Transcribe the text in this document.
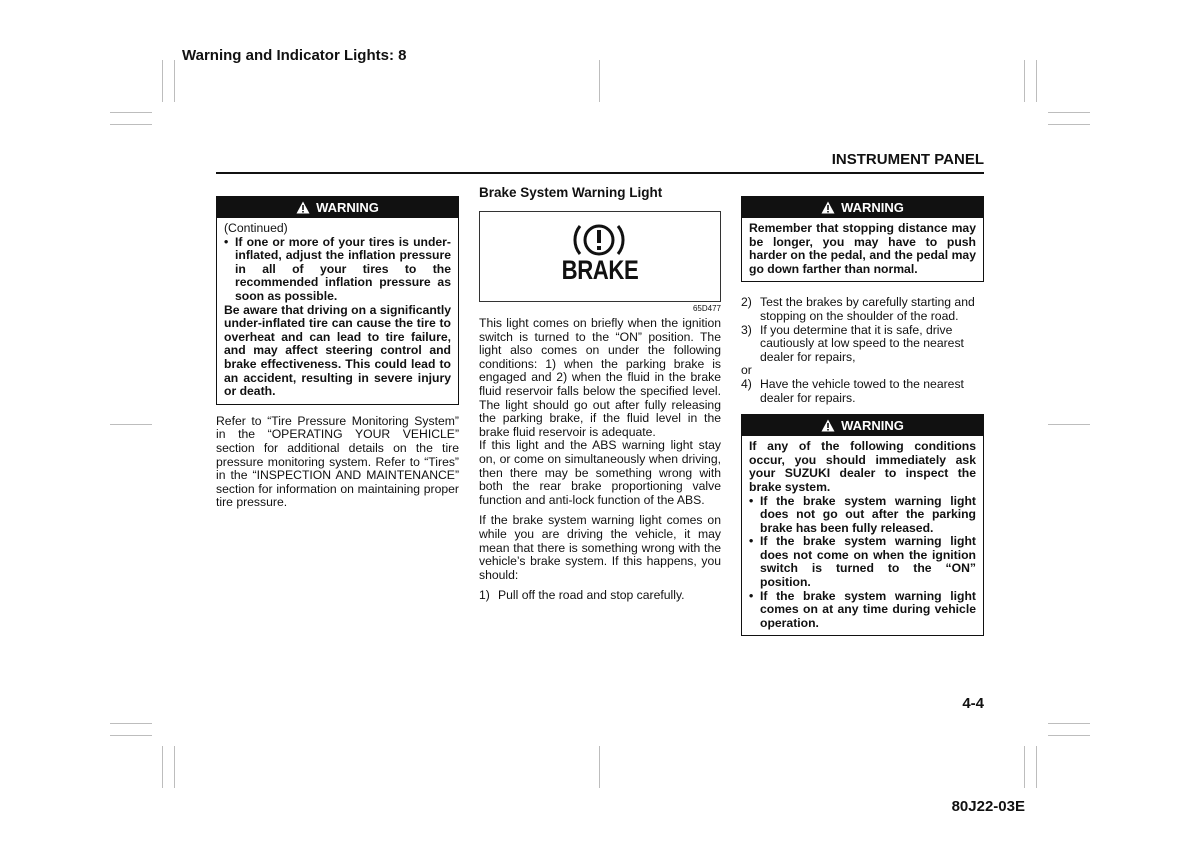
Warning and Indicator Lights: 8
INSTRUMENT PANEL
WARNING

(Continued)

• If one or more of your tires is under-inflated, adjust the inflation pressure in all of your tires to the recommended inflation pressure as soon as possible.

Be aware that driving on a significantly under-inflated tire can cause the tire to overheat and can lead to tire failure, and may affect steering control and brake effectiveness. This could lead to an accident, resulting in severe injury or death.

Refer to “Tire Pressure Monitoring System” in the “OPERATING YOUR VEHICLE” section for additional details on the tire pressure monitoring system. Refer to “Tires” in the “INSPECTION AND MAINTENANCE” section for information on maintaining proper tire pressure.

Brake System Warning Light
BRAKE
65D477

This light comes on briefly when the ignition switch is turned to the “ON” position. The light also comes on under the following conditions: 1) when the parking brake is engaged and 2) when the fluid in the brake fluid reservoir falls below the specified level. The light should go out after fully releasing the parking brake, if the fluid level in the brake fluid reservoir is adequate.

If this light and the ABS warning light stay on, or come on simultaneously when driving, then there may be something wrong with both the rear brake proportioning valve function and anti-lock function of the ABS.

If the brake system warning light comes on while you are driving the vehicle, it may mean that there is something wrong with the vehicle’s brake system. If this happens, you should:

1) Pull off the road and stop carefully.
WARNING
Remember that stopping distance may be longer, you may have to push harder on the pedal, and the pedal may go down farther than normal.
2) Test the brakes by carefully starting and stopping on the shoulder of the road.
3) If you determine that it is safe, drive cautiously at low speed to the nearest dealer for repairs,

or

4) Have the vehicle towed to the nearest dealer for repairs.
WARNING

If any of the following conditions occur, you should immediately ask your SUZUKI dealer to inspect the brake system.

• If the brake system warning light does not go out after the parking brake has been fully released.
• If the brake system warning light does not come on when the ignition switch is turned to the “ON” position.
• If the brake system warning light comes on at any time during vehicle operation.
4-4
80J22-03E
